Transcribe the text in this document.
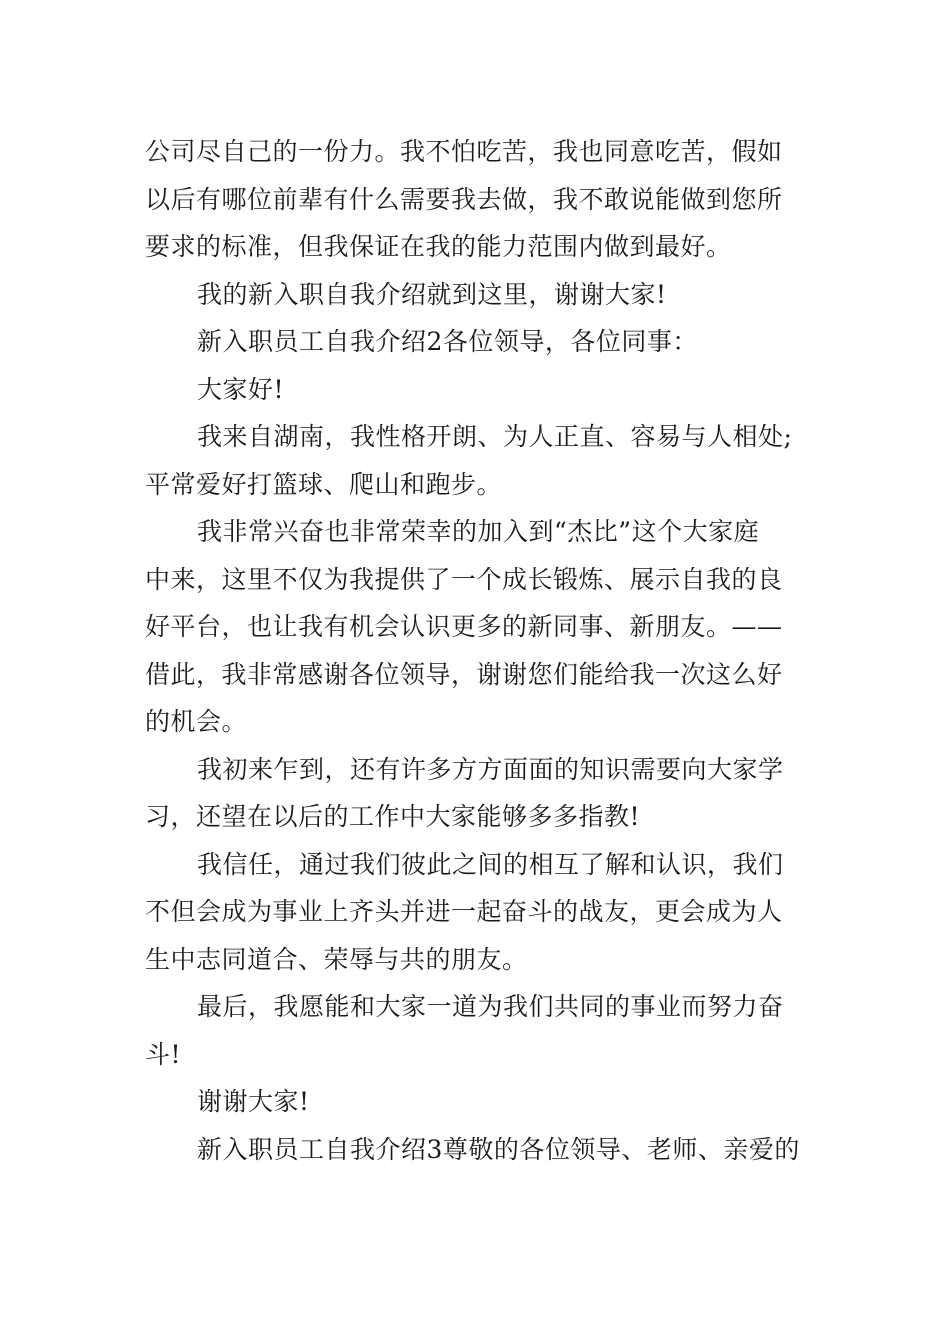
公司尽自己的一份力。我不怕吃苦，我也同意吃苦，假如
以后有哪位前辈有什么需要我去做，我不敢说能做到您所
要求的标准，但我保证在我的能力范围内做到最好。
我的新入职自我介绍就到这里，谢谢大家!
新入职员工自我介绍2各位领导，各位同事：
大家好!
我来自湖南，我性格开朗、为人正直、容易与人相处;
平常爱好打篮球、爬山和跑步。
我非常兴奋也非常荣幸的加入到“杰比”这个大家庭
中来，这里不仅为我提供了一个成长锻炼、展示自我的良
好平台，也让我有机会认识更多的新同事、新朋友。——
借此，我非常感谢各位领导，谢谢您们能给我一次这么好
的机会。
我初来乍到，还有许多方方面面的知识需要向大家学
习，还望在以后的工作中大家能够多多指教!
我信任，通过我们彼此之间的相互了解和认识，我们
不但会成为事业上齐头并进一起奋斗的战友，更会成为人
生中志同道合、荣辱与共的朋友。
最后，我愿能和大家一道为我们共同的事业而努力奋
斗!
谢谢大家!
新入职员工自我介绍3尊敬的各位领导、老师、亲爱的
